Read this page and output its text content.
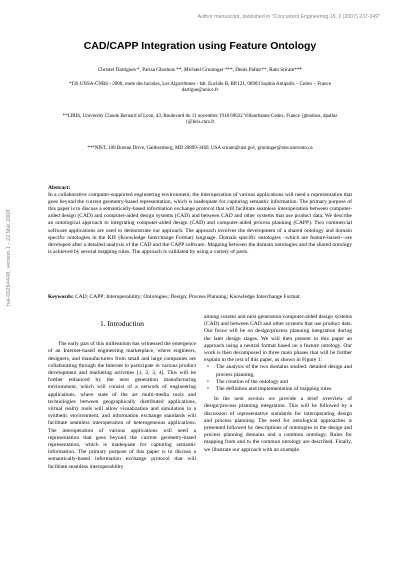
Author manuscript, published in "Concurrent Engineering 15, 2 (2007) 237-249"
hal-00264448, version 1 - 22 Mar 2008
CAD/CAPP Integration using Feature Ontology
Christel Dartigues *, Parisa Ghodous **, Michael Gruninger ***, Denis Pallez**, Ram Sriram***
*I3S UNSA-CNRS - 2000, route des lucioles, Les Algorithmes - bât. Euclide B, BP.121, 06903 Sophia Antipolis – Cedex – France dartigue@unice.fr
**LIRIS, University Claude Bernard of Lyon, 43, Boulevard du 11 novembre 1918 69622 Villeurbanne Cedex, France {ghodous, dpallez }@liris.cnrs.fr
***NIST, 100 Bureau Drive, Gaithersburg, MD 20899-3460, USA sriram@nist.gov, gruninger@nist.utoronto.ca
Abstract:
In a collaborative computer-supported engineering environment, the interoperation of various applications will need a representation that goes beyond the current geometry-based representation, which is inadequate for capturing semantic information. The primary purpose of this paper is to discuss a semantically-based information exchange protocol that will facilitate seamless interoperation between computer-aided design (CAD) and computer-aided design systems (CAD) and between CAD and other systems that use product data. We describe an ontological approach to integrating computer-aided design (CAD) and computer-aided process planning (CAPP). Two commercial software applications are used to demonstrate our approach. The approach involves the development of a shared ontology and domain specific ontologies in the KIF (Knowledge Interchange Format) language. Domain specific ontologies –which are feature-based—are developed after a detailed analysis of the CAD and the CAPP software. Mapping between the domain ontologies and the shared ontology is achieved by several mapping rules. The approach is validated by using a variety of parts.
Keywords: CAD; CAPP; Interoperability; Ontologies; Design; Process Planning; Knowledge Interchange Format.
1. Introduction

The early part of this millennium has witnessed the emergence of an Internet-based engineering marketplace, where engineers, designers, and manufacturers from small and large companies are collaborating through the Internet to participate in various product development and marketing activities [1, 2, 3, 4]. This will be further enhanced by the next generation manufacturing environment, which will consist of a network of engineering applications, where state of the art multi-media tools and technologies between geographically distributed applications, virtual reality tools will allow visualization and simulation in a synthetic environment, and information exchange standards will facilitate seamless interoperation of heterogeneous applications. The interoperation of various applications will need a representation that goes beyond the current geometry-based representation, which is inadequate for capturing semantic information. The primary purpose of this paper is to discuss a semantically-based information exchange protocol that will facilitate seamless interoperability

among current and next generation computer-aided design systems (CAD) and between CAD and other systems that use product data. Our focus will be on design/process planning integration during the later design stages. We will then present in this paper an approach using a neutral format based on a feature ontology. Our work is then decomposed in three main phases that will be further explain in the rest of this paper, as shown in Figure 1:

• The analysis of the two domains studied: detailed design and process planning,
• The creation of the ontology and
• The definition and implementation of mapping rules.

In the next section we provide a brief overview of design/process planning integration. This will be followed by a discussion of representative standards for interoperating design and process planning. The need for ontological approaches is presented followed by descriptions of ontologies in the design and process planning domains and a common ontology. Rules for mapping from and to the common ontology are described. Finally, we illustrate our approach with an example.
